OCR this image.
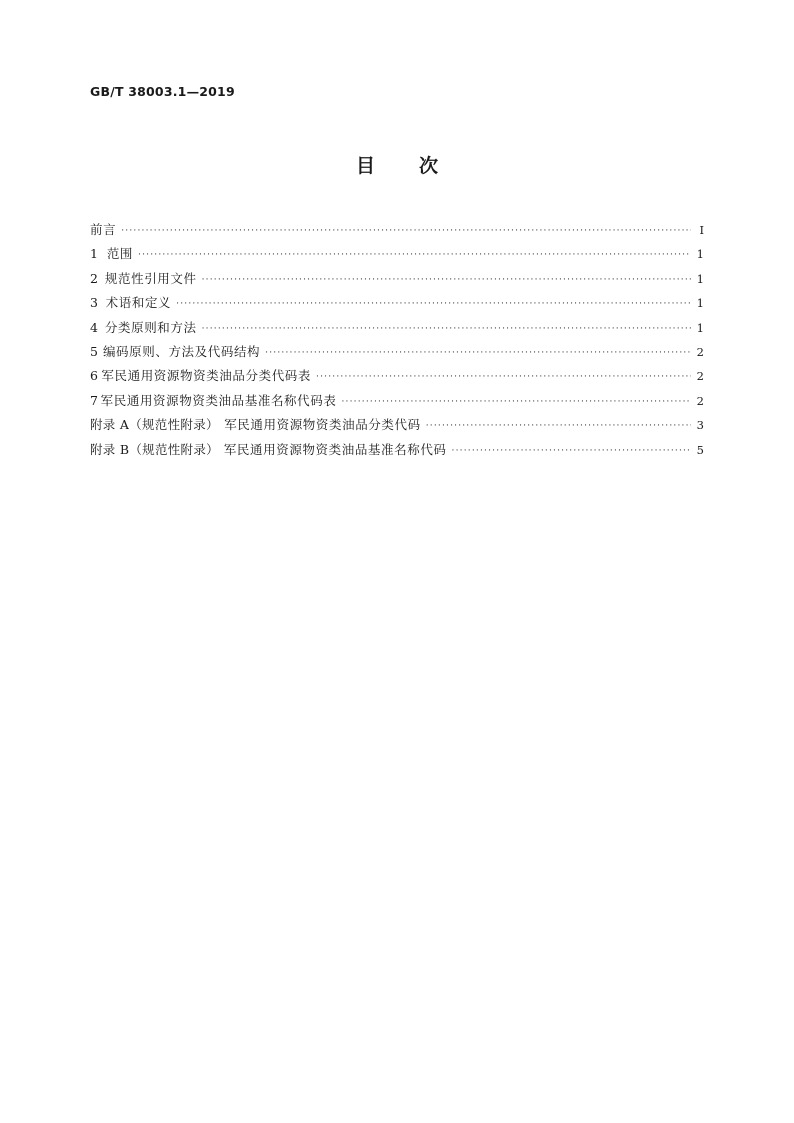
GB/T 38003.1—2019
目 次
前言 ·····	Ⅰ
1 范围 ·····	1
2 规范性引用文件 ·····	1
3 术语和定义 ·····	1
4 分类原则和方法 ·····	1
5 编码原则、方法及代码结构 ·····	2
6 军民通用资源物资类油品分类代码表 ·····	2
7 军民通用资源物资类油品基准名称代码表 ·····	2
附录 A（规范性附录） 军民通用资源物资类油品分类代码 ·····	3
附录 B（规范性附录） 军民通用资源物资类油品基准名称代码 ·····	5
